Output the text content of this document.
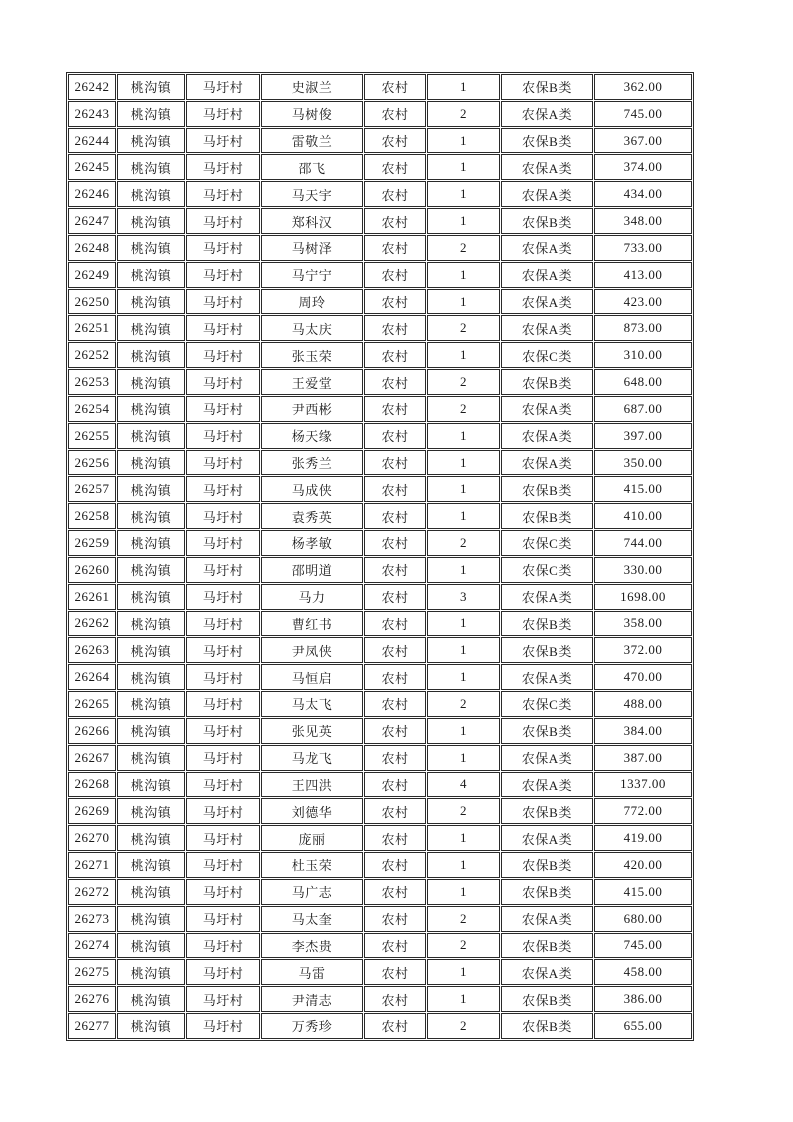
26242	桃沟镇	马圩村	史淑兰	农村	1	农保B类	362.00
26243	桃沟镇	马圩村	马树俊	农村	2	农保A类	745.00
26244	桃沟镇	马圩村	雷敬兰	农村	1	农保B类	367.00
26245	桃沟镇	马圩村	邵飞	农村	1	农保A类	374.00
26246	桃沟镇	马圩村	马天宇	农村	1	农保A类	434.00
26247	桃沟镇	马圩村	郑科汉	农村	1	农保B类	348.00
26248	桃沟镇	马圩村	马树泽	农村	2	农保A类	733.00
26249	桃沟镇	马圩村	马宁宁	农村	1	农保A类	413.00
26250	桃沟镇	马圩村	周玲	农村	1	农保A类	423.00
26251	桃沟镇	马圩村	马太庆	农村	2	农保A类	873.00
26252	桃沟镇	马圩村	张玉荣	农村	1	农保C类	310.00
26253	桃沟镇	马圩村	王爱堂	农村	2	农保B类	648.00
26254	桃沟镇	马圩村	尹西彬	农村	2	农保A类	687.00
26255	桃沟镇	马圩村	杨天缘	农村	1	农保A类	397.00
26256	桃沟镇	马圩村	张秀兰	农村	1	农保A类	350.00
26257	桃沟镇	马圩村	马成侠	农村	1	农保B类	415.00
26258	桃沟镇	马圩村	袁秀英	农村	1	农保B类	410.00
26259	桃沟镇	马圩村	杨孝敏	农村	2	农保C类	744.00
26260	桃沟镇	马圩村	邵明道	农村	1	农保C类	330.00
26261	桃沟镇	马圩村	马力	农村	3	农保A类	1698.00
26262	桃沟镇	马圩村	曹红书	农村	1	农保B类	358.00
26263	桃沟镇	马圩村	尹凤侠	农村	1	农保B类	372.00
26264	桃沟镇	马圩村	马恒启	农村	1	农保A类	470.00
26265	桃沟镇	马圩村	马太飞	农村	2	农保C类	488.00
26266	桃沟镇	马圩村	张见英	农村	1	农保B类	384.00
26267	桃沟镇	马圩村	马龙飞	农村	1	农保A类	387.00
26268	桃沟镇	马圩村	王四洪	农村	4	农保A类	1337.00
26269	桃沟镇	马圩村	刘德华	农村	2	农保B类	772.00
26270	桃沟镇	马圩村	庞丽	农村	1	农保A类	419.00
26271	桃沟镇	马圩村	杜玉荣	农村	1	农保B类	420.00
26272	桃沟镇	马圩村	马广志	农村	1	农保B类	415.00
26273	桃沟镇	马圩村	马太奎	农村	2	农保A类	680.00
26274	桃沟镇	马圩村	李杰贵	农村	2	农保B类	745.00
26275	桃沟镇	马圩村	马雷	农村	1	农保A类	458.00
26276	桃沟镇	马圩村	尹清志	农村	1	农保B类	386.00
26277	桃沟镇	马圩村	万秀珍	农村	2	农保B类	655.00
